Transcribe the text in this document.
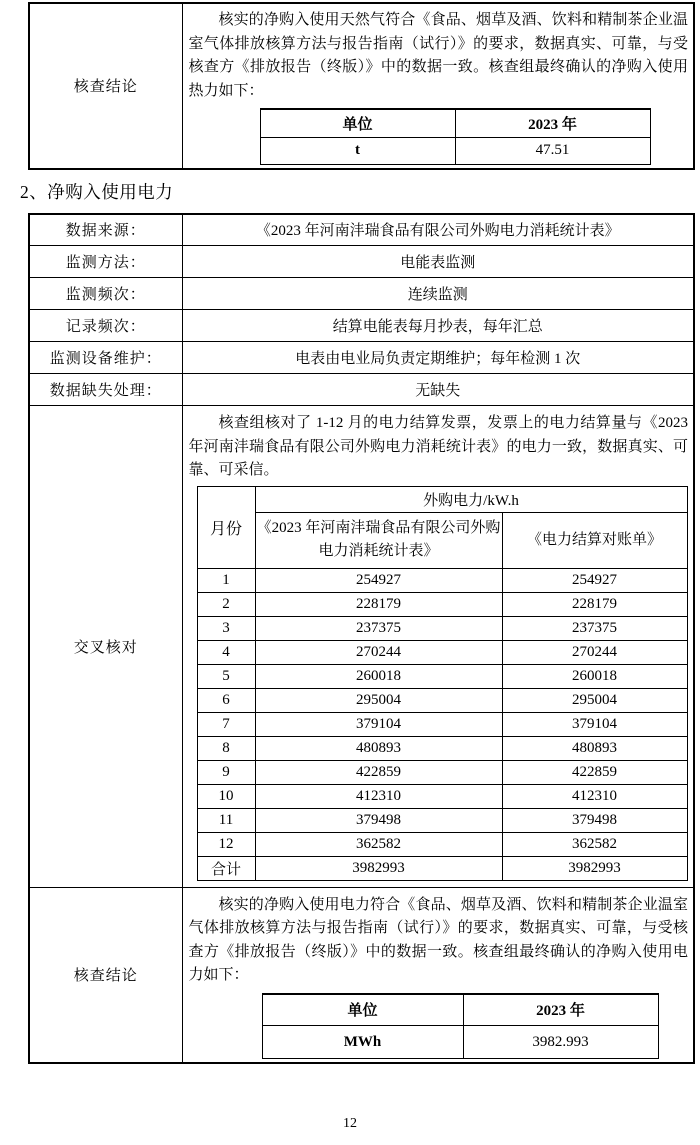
核查结论	

核实的净购入使用天然气符合《食品、烟草及酒、饮料和精制茶企业温室气体排放核算方法与报告指南（试行）》的要求，数据真实、可靠，与受核查方《排放报告（终版）》中的数据一致。核查组最终确认的净购入使用热力如下：

单位	2023 年
t	47.51
2、净购入使用电力
数据来源：	《2023 年河南沣瑞食品有限公司外购电力消耗统计表》
监测方法：	电能表监测
监测频次：	连续监测
记录频次：	结算电能表每月抄表，每年汇总
监测设备维护：	电表由电业局负责定期维护；每年检测 1 次
数据缺失处理：	无缺失
交叉核对	

核查组核对了 1-12 月的电力结算发票，发票上的电力结算量与《2023 年河南沣瑞食品有限公司外购电力消耗统计表》的电力一致，数据真实、可靠、可采信。

月份	外购电力/kW.h
《2023 年河南沣瑞食品有限公司外购电力消耗统计表》	《电力结算对账单》
1	254927	254927
2	228179	228179
3	237375	237375
4	270244	270244
5	260018	260018
6	295004	295004
7	379104	379104
8	480893	480893
9	422859	422859
10	412310	412310
11	379498	379498
12	362582	362582
合计	3982993	3982993

核查结论	

核实的净购入使用电力符合《食品、烟草及酒、饮料和精制茶企业温室气体排放核算方法与报告指南（试行）》的要求，数据真实、可靠，与受核查方《排放报告（终版）》中的数据一致。核查组最终确认的净购入使用电力如下：

单位	2023 年
MWh	3982.993
12
